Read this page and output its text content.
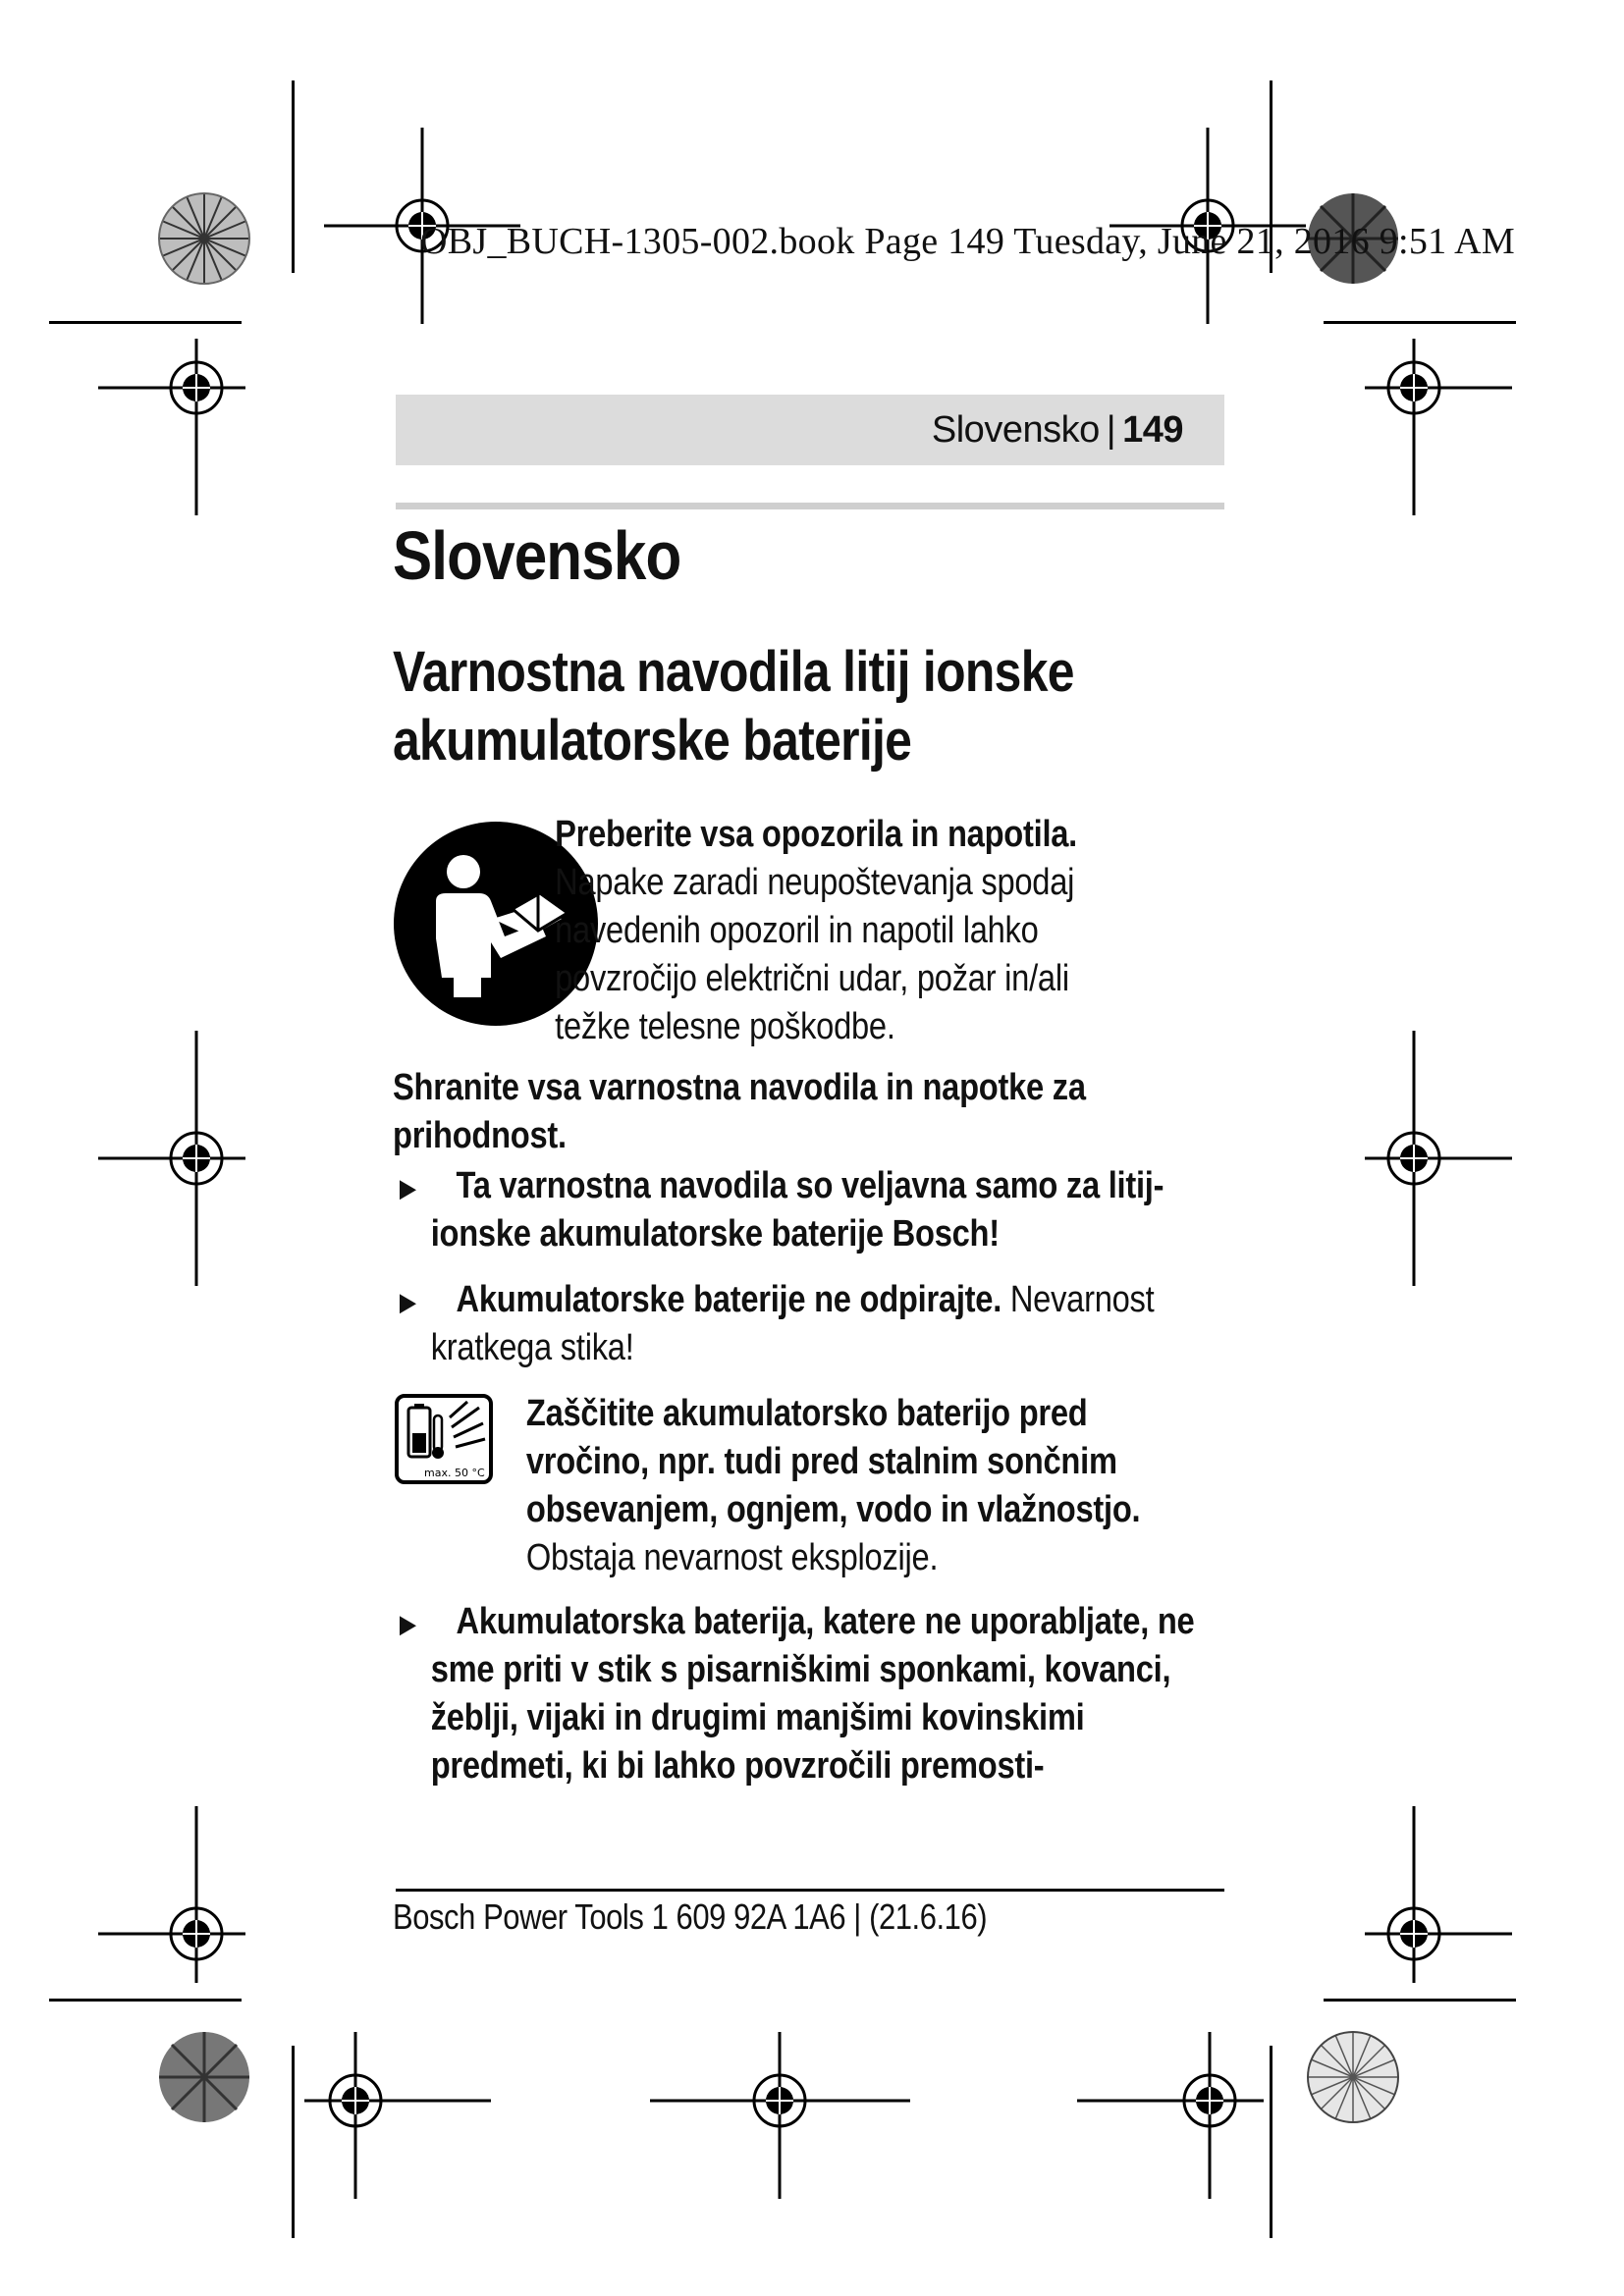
OBJ_BUCH-1305-002.book Page 149 Tuesday, June 21, 2016 9:51 AM
Slovensko | 149
max. 50 °C
Slovensko
Varnostna navodila litij ionske akumulatorske baterije
Preberite vsa opozorila in napotila.
Napake zaradi neupoštevanja spodaj navedenih opozoril in napotil lahko povzročijo električni udar, požar in/ali težke telesne poškodbe.
Shranite vsa varnostna navodila in napotke za prihodnost.
▶	Ta varnostna navodila so veljavna samo za litij-ionske akumulatorske baterije Bosch!
▶	Akumulatorske baterije ne odpirajte. Nevarnost kratkega stika!
Zaščitite akumulatorsko baterijo pred vročino, npr. tudi pred stalnim sončnim obsevanjem, ognjem, vodo in vlažnostjo. Obstaja nevarnost eksplozije.
▶	Akumulatorska baterija, katere ne uporabljate, ne sme priti v stik s pisarniškimi sponkami, kovanci, žeblji, vijaki in drugimi manjšimi kovinskimi predmeti, ki bi lahko povzročili premosti-
Bosch Power Tools 1 609 92A 1A6 | (21.6.16)
